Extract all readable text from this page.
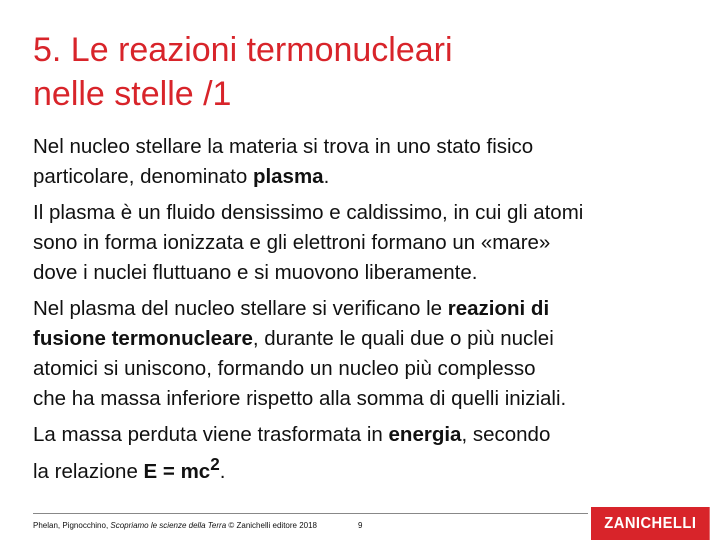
5. Le reazioni termonucleari
nelle stelle /1
Nel nucleo stellare la materia si trova in uno stato fisico
particolare, denominato plasma.
Il plasma è un fluido densissimo e caldissimo, in cui gli atomi
sono in forma ionizzata e gli elettroni formano un «mare»
dove i nuclei fluttuano e si muovono liberamente.
Nel plasma del nucleo stellare si verificano le reazioni di
fusione termonucleare, durante le quali due o più nuclei
atomici si uniscono, formando un nucleo più complesso
che ha massa inferiore rispetto alla somma di quelli iniziali.
La massa perduta viene trasformata in energia, secondo
la relazione $E = mc^2$.
Phelan, Pignocchino, Scopriamo le scienze della Terra © Zanichelli editore 2018	9	ZANICHELLI
